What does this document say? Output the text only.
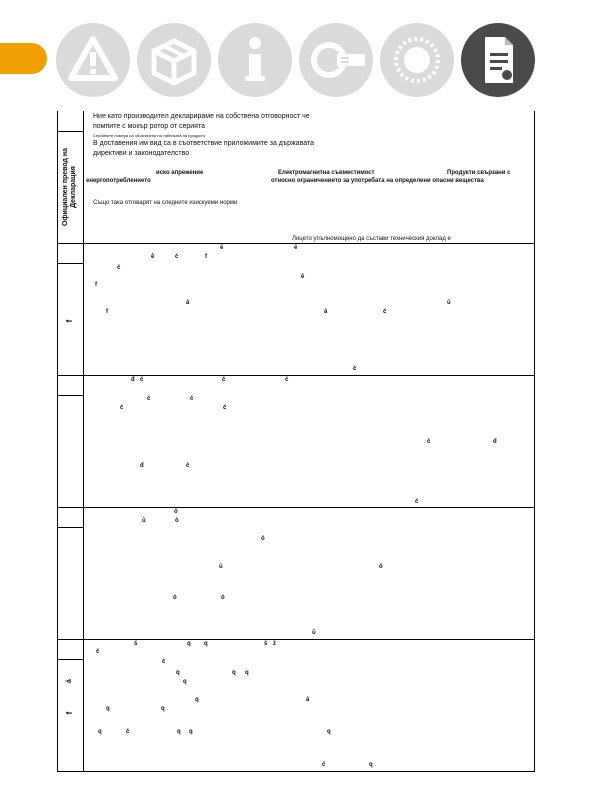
Официален превод на
Декларация
f
á
f
Ние като производител декларираме на собствена отговорност че
помпите с мокър ротор от серията
Серийните номера са обозначени на табелката на продукта
В доставения им вид са в съответствие приложимите за държавата
директиви и законодателство
иско апрежение	Електромагнитна съвместимост	Продукти свързани с
енергопотреблението	относно ограничението за употребата на определени опасни вещества
Също така отговарят на следните изискуеми норми
Лицето упълномощено да състави техническия доклад е
ẽ	ẽ
ẽ	č	f
č
ẽ
f
â	ū
f	â	č
č
đ č	č	č
č	č
č	č
č	đ
đ	č
č
ǒ
ū	ǒ
ǒ
ū	ǒ
ǒ	ǒ
ū
š	q q	š ž
č
č
q	q q
q
q	â
q	q
q	č	q q	q
č	q
